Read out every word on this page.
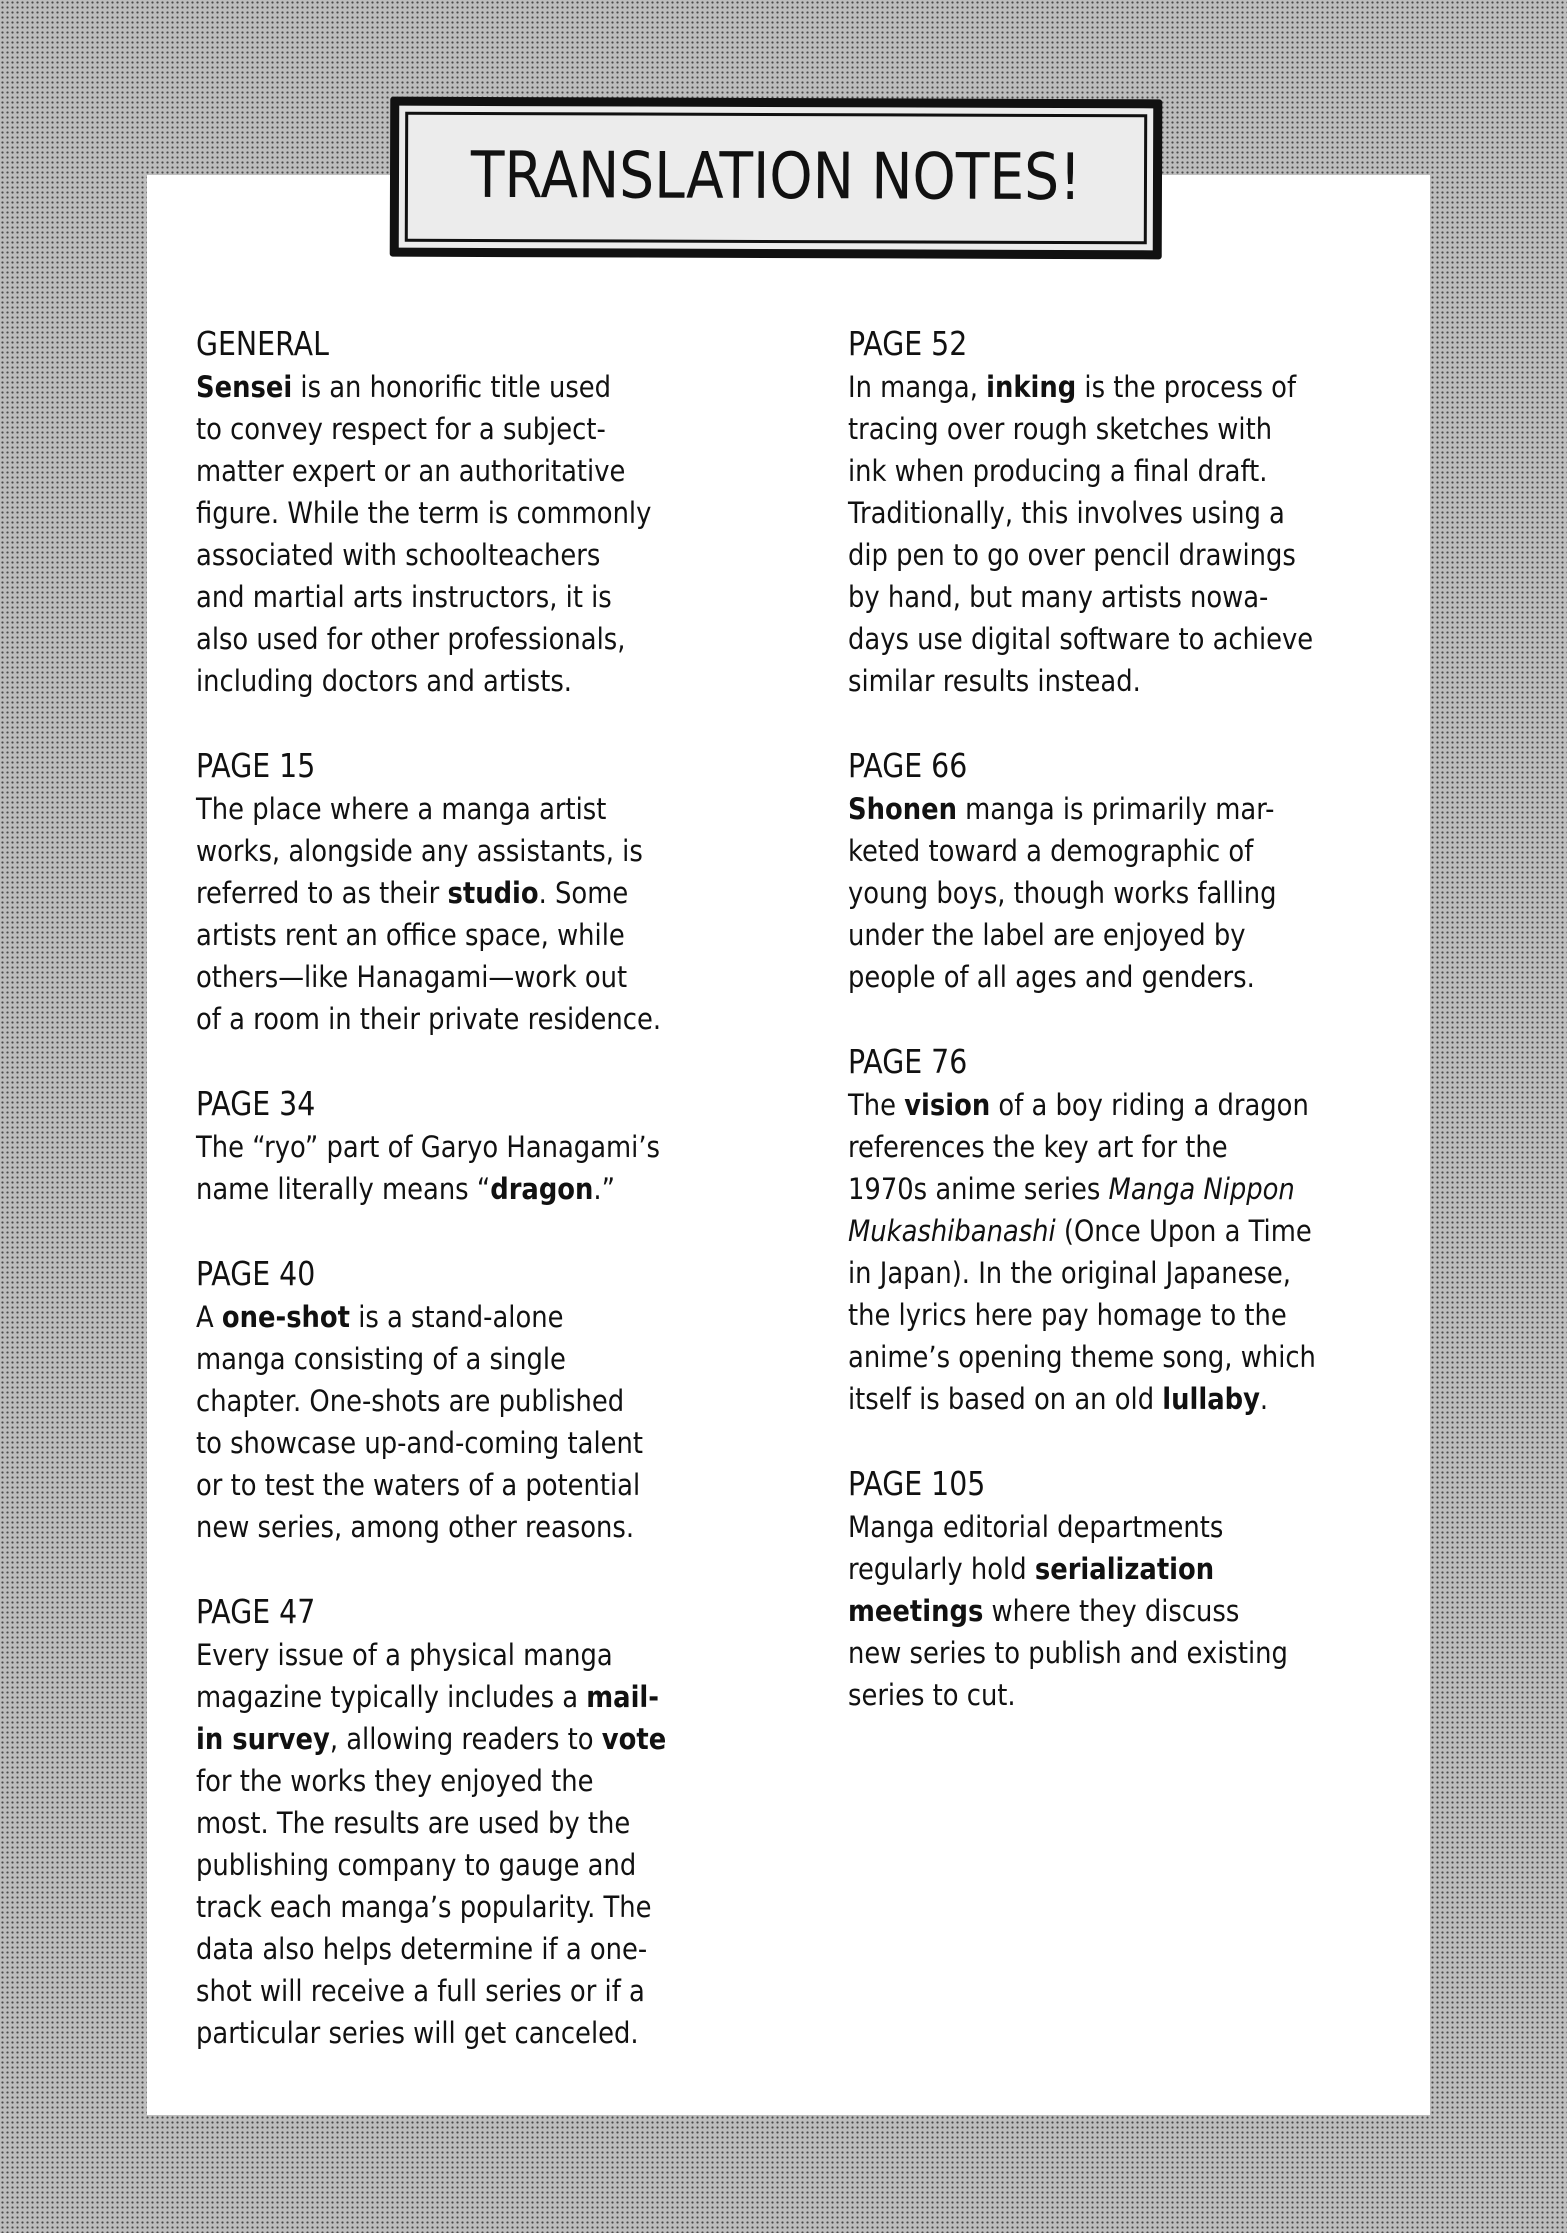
TRANSLATION NOTES!
GENERAL
Sensei is an honorific title used
to convey respect for a subject-
matter expert or an authoritative
figure. While the term is commonly
associated with schoolteachers
and martial arts instructors, it is
also used for other professionals,
including doctors and artists.
PAGE 15
The place where a manga artist
works, alongside any assistants, is
referred to as their studio. Some
artists rent an office space, while
others—like Hanagami—work out
of a room in their private residence.
PAGE 34
The “ryo” part of Garyo Hanagami’s
name literally means “dragon.”
PAGE 40
A one-shot is a stand-alone
manga consisting of a single
chapter. One-shots are published
to showcase up-and-coming talent
or to test the waters of a potential
new series, among other reasons.
PAGE 47
Every issue of a physical manga
magazine typically includes a mail-
in survey, allowing readers to vote
for the works they enjoyed the
most. The results are used by the
publishing company to gauge and
track each manga’s popularity. The
data also helps determine if a one-
shot will receive a full series or if a
particular series will get canceled.
PAGE 52
In manga, inking is the process of
tracing over rough sketches with
ink when producing a final draft.
Traditionally, this involves using a
dip pen to go over pencil drawings
by hand, but many artists nowa-
days use digital software to achieve
similar results instead.
PAGE 66
Shonen manga is primarily mar-
keted toward a demographic of
young boys, though works falling
under the label are enjoyed by
people of all ages and genders.
PAGE 76
The vision of a boy riding a dragon
references the key art for the
1970s anime series Manga Nippon
Mukashibanashi (Once Upon a Time
in Japan). In the original Japanese,
the lyrics here pay homage to the
anime’s opening theme song, which
itself is based on an old lullaby.
PAGE 105
Manga editorial departments
regularly hold serialization
meetings where they discuss
new series to publish and existing
series to cut.
